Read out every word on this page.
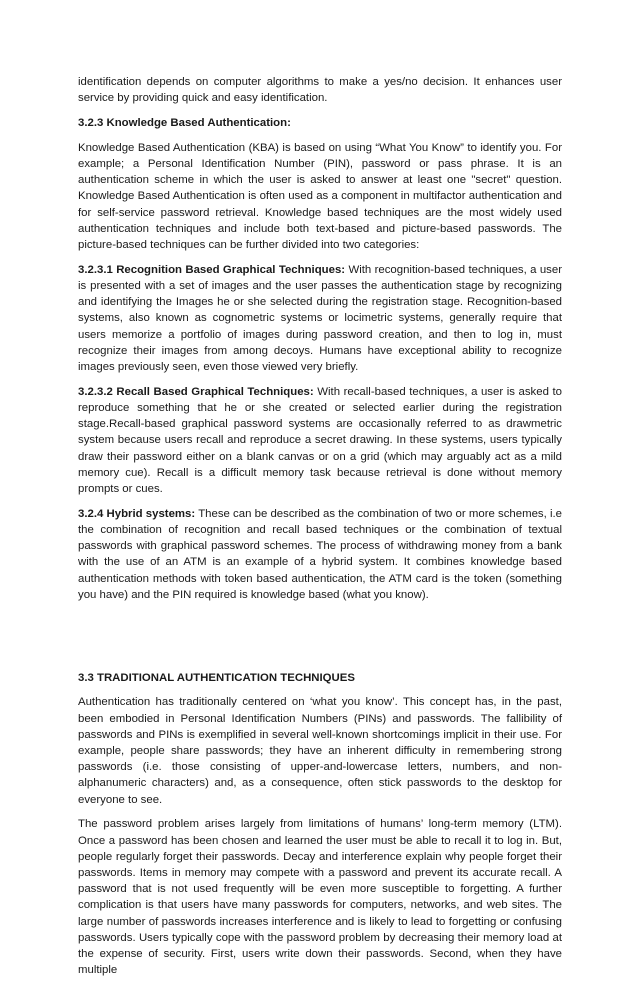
identification depends on computer algorithms to make a yes/no decision. It enhances user service by providing quick and easy identification.

3.2.3 Knowledge Based Authentication:

Knowledge Based Authentication (KBA) is based on using “What You Know” to identify you. For example; a Personal Identification Number (PIN), password or pass phrase. It is an authentication scheme in which the user is asked to answer at least one "secret" question. Knowledge Based Authentication is often used as a component in multifactor authentication and for self-service password retrieval. Knowledge based techniques are the most widely used authentication techniques and include both text-based and picture-based passwords. The picture-based techniques can be further divided into two categories:

3.2.3.1 Recognition Based Graphical Techniques: With recognition-based techniques, a user is presented with a set of images and the user passes the authentication stage by recognizing and identifying the Images he or she selected during the registration stage. Recognition-based systems, also known as cognometric systems or locimetric systems, generally require that users memorize a portfolio of images during password creation, and then to log in, must recognize their images from among decoys. Humans have exceptional ability to recognize images previously seen, even those viewed very briefly.

3.2.3.2 Recall Based Graphical Techniques: With recall-based techniques, a user is asked to reproduce something that he or she created or selected earlier during the registration stage.Recall-based graphical password systems are occasionally referred to as drawmetric system because users recall and reproduce a secret drawing. In these systems, users typically draw their password either on a blank canvas or on a grid (which may arguably act as a mild memory cue). Recall is a difficult memory task because retrieval is done without memory prompts or cues.

3.2.4 Hybrid systems: These can be described as the combination of two or more schemes, i.e the combination of recognition and recall based techniques or the combination of textual passwords with graphical password schemes. The process of withdrawing money from a bank with the use of an ATM is an example of a hybrid system. It combines knowledge based authentication methods with token based authentication, the ATM card is the token (something you have) and the PIN required is knowledge based (what you know).

3.3 TRADITIONAL AUTHENTICATION TECHNIQUES

Authentication has traditionally centered on ‘what you know’. This concept has, in the past, been embodied in Personal Identification Numbers (PINs) and passwords. The fallibility of passwords and PINs is exemplified in several well-known shortcomings implicit in their use. For example, people share passwords; they have an inherent difficulty in remembering strong passwords (i.e. those consisting of upper-and-lowercase letters, numbers, and non-alphanumeric characters) and, as a consequence, often stick passwords to the desktop for everyone to see.

The password problem arises largely from limitations of humans’ long-term memory (LTM). Once a password has been chosen and learned the user must be able to recall it to log in. But, people regularly forget their passwords. Decay and interference explain why people forget their passwords. Items in memory may compete with a password and prevent its accurate recall. A password that is not used frequently will be even more susceptible to forgetting. A further complication is that users have many passwords for computers, networks, and web sites. The large number of passwords increases interference and is likely to lead to forgetting or confusing passwords. Users typically cope with the password problem by decreasing their memory load at the expense of security. First, users write down their passwords. Second, when they have multiple
